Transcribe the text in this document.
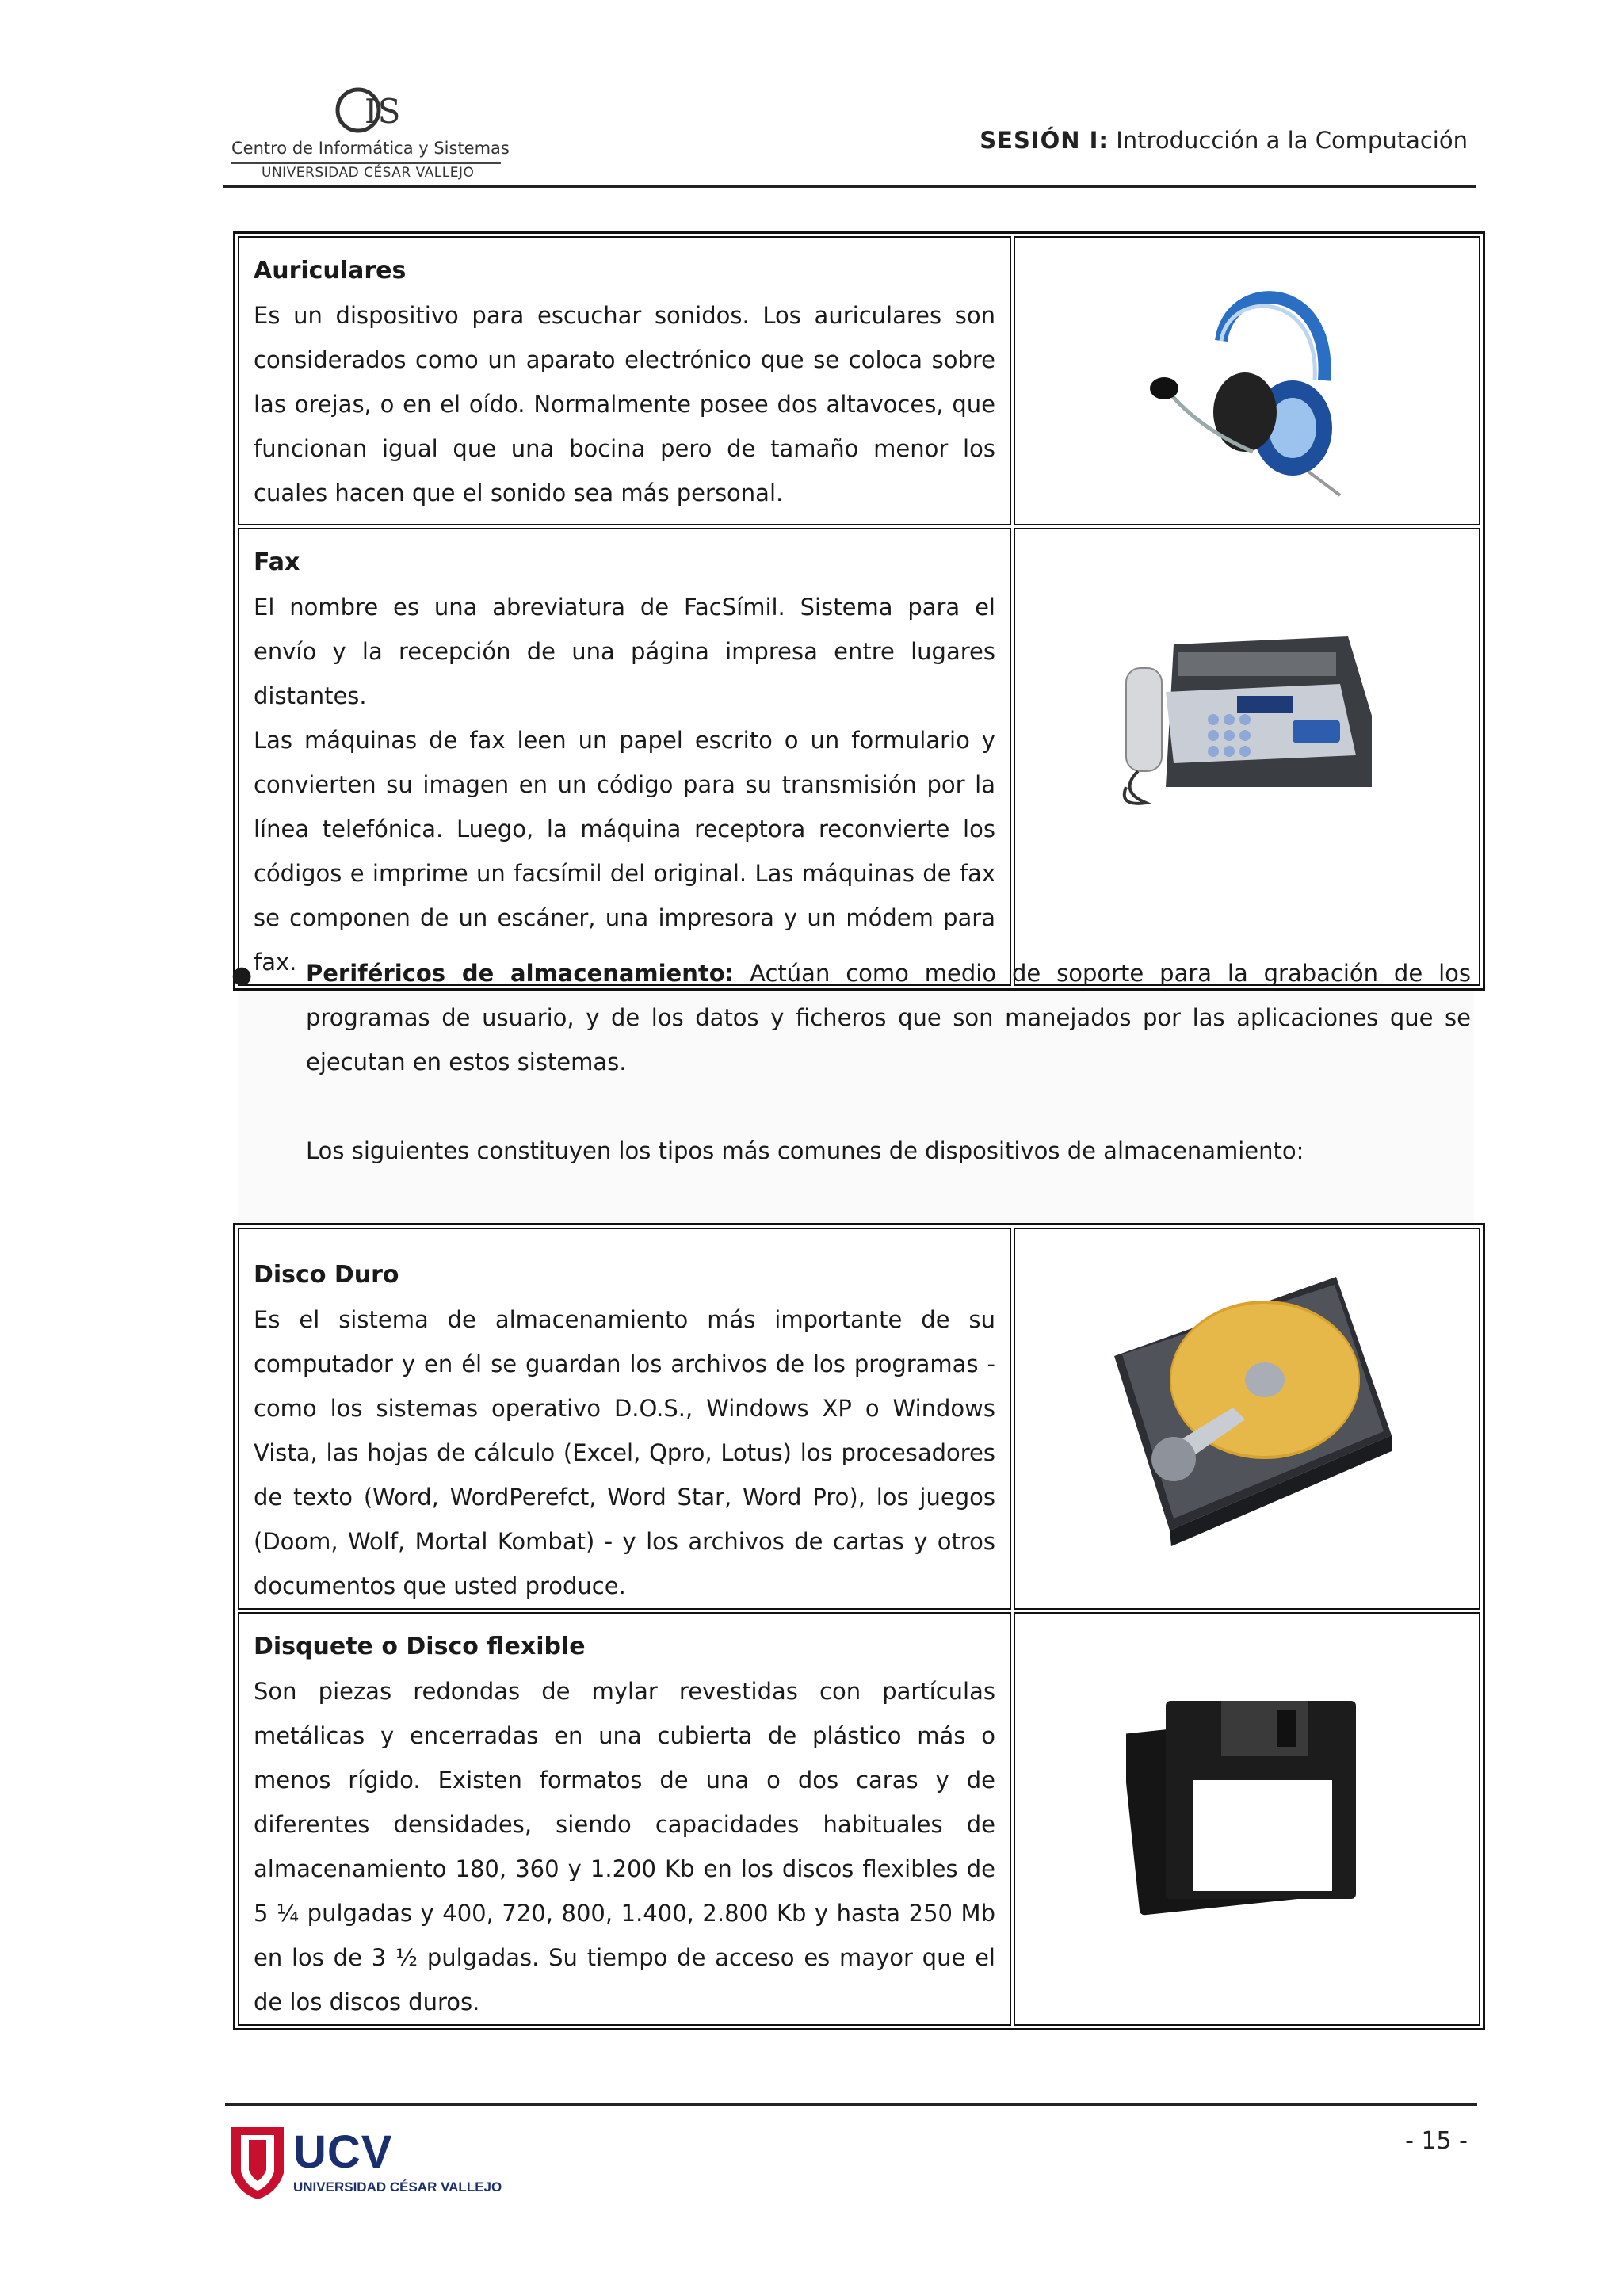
IS
Centro de Informática y Sistemas
UNIVERSIDAD CÉSAR VALLEJO
SESIÓN I: Introducción a la Computación
Auriculares

Es un dispositivo para escuchar sonidos. Los auriculares son considerados como un aparato electrónico que se coloca sobre las orejas, o en el oído. Normalmente posee dos altavoces, que funcionan igual que una bocina pero de tamaño menor los cuales hacen que el sonido sea más personal.

Fax

El nombre es una abreviatura de FacSímil. Sistema para el envío y la recepción de una página impresa entre lugares distantes.

Las máquinas de fax leen un papel escrito o un formulario y convierten su imagen en un código para su transmisión por la línea telefónica. Luego, la máquina receptora reconvierte los códigos e imprime un facsímil del original. Las máquinas de fax se componen de un escáner, una impresora y un módem para fax.

● Periféricos de almacenamiento: Actúan como medio de soporte para la grabación de los programas de usuario, y de los datos y ficheros que son manejados por las aplicaciones que se ejecutan en estos sistemas.
Los siguientes constituyen los tipos más comunes de dispositivos de almacenamiento:
Disco Duro

Es el sistema de almacenamiento más importante de su computador y en él se guardan los archivos de los programas - como los sistemas operativo D.O.S., Windows XP o Windows Vista, las hojas de cálculo (Excel, Qpro, Lotus) los procesadores de texto (Word, WordPerefct, Word Star, Word Pro), los juegos (Doom, Wolf, Mortal Kombat) - y los archivos de cartas y otros documentos que usted produce.

Disquete o Disco flexible

Son piezas redondas de mylar revestidas con partículas metálicas y encerradas en una cubierta de plástico más o menos rígido. Existen formatos de una o dos caras y de diferentes densidades, siendo capacidades habituales de almacenamiento 180, 360 y 1.200 Kb en los discos flexibles de 5 ¼ pulgadas y 400, 720, 800, 1.400, 2.800 Kb y hasta 250 Mb en los de 3 ½ pulgadas. Su tiempo de acceso es mayor que el de los discos duros.

UCV
UNIVERSIDAD CÉSAR VALLEJO
- 15 -
